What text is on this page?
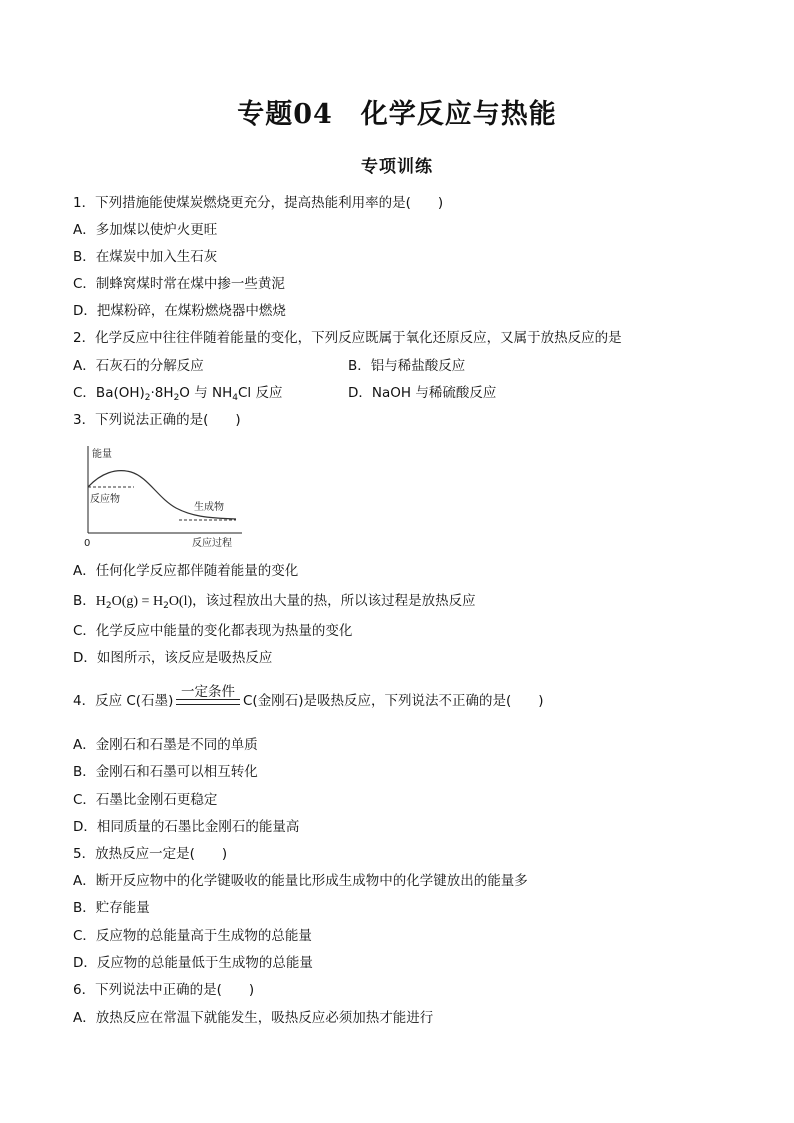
专题04　化学反应与热能
专项训练
1．下列措施能使煤炭燃烧更充分，提高热能利用率的是(　　)
A．多加煤以使炉火更旺
B．在煤炭中加入生石灰
C．制蜂窝煤时常在煤中掺一些黄泥
D．把煤粉碎，在煤粉燃烧器中燃烧
2．化学反应中往往伴随着能量的变化，下列反应既属于氧化还原反应，又属于放热反应的是
A．石灰石的分解反应	B．铝与稀盐酸反应
C．$Ba(OH)_2\cdot 8H_2O$ 与 $NH_4Cl$ 反应	D．NaOH 与稀硫酸反应
3．下列说法正确的是(　　)
能量
反应物
生成物
0	反应过程
A．任何化学反应都伴随着能量的变化
B．$H_2O(g) = H_2O(l)$，该过程放出大量的热，所以该过程是放热反应
C．化学反应中能量的变化都表现为热量的变化
D．如图所示，该反应是吸热反应
4．反应 C(石墨)
一定条件
C(金刚石)是吸热反应，下列说法不正确的是(　　)
A．金刚石和石墨是不同的单质
B．金刚石和石墨可以相互转化
C．石墨比金刚石更稳定
D．相同质量的石墨比金刚石的能量高
5．放热反应一定是(　　)
A．断开反应物中的化学键吸收的能量比形成生成物中的化学键放出的能量多
B．贮存能量
C．反应物的总能量高于生成物的总能量
D．反应物的总能量低于生成物的总能量
6．下列说法中正确的是(　　)
A．放热反应在常温下就能发生，吸热反应必须加热才能进行
